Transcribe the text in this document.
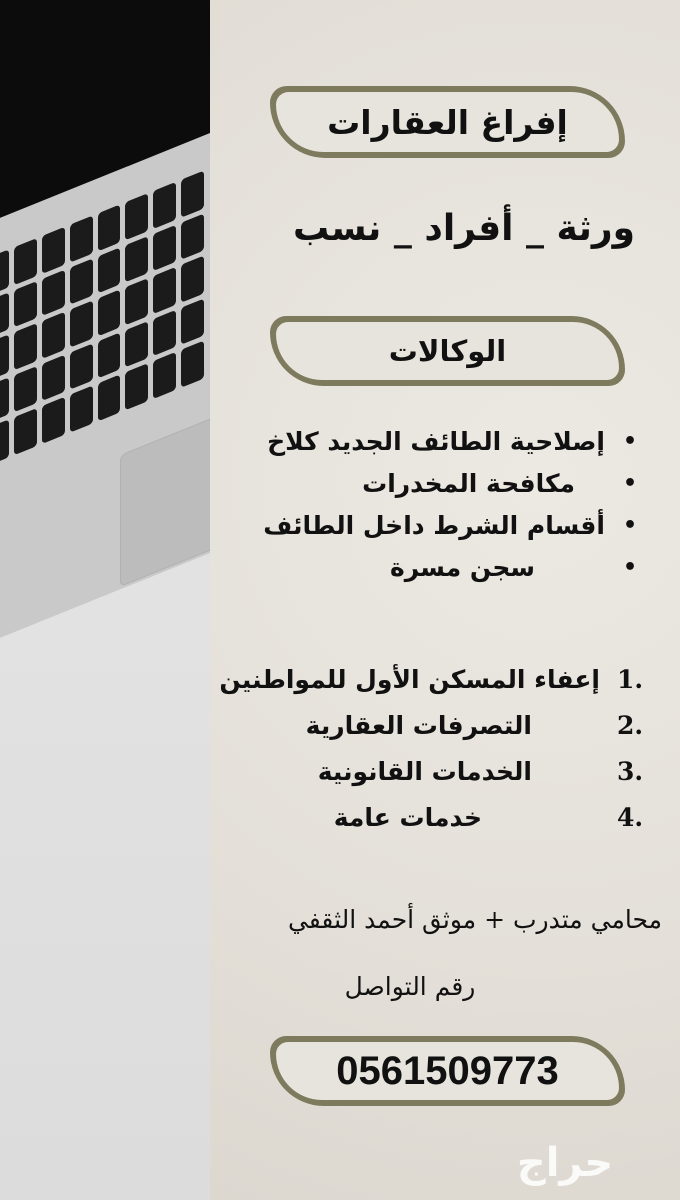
إفراغ العقارات
ورثة _ أفراد _ نسب
الوكالات
•
إصلاحية الطائف الجديد كلاخ
•
مكافحة المخدرات
•
أقسام الشرط داخل الطائف
•
سجن مسرة
1.
إعفاء المسكن الأول للمواطنين
2.
التصرفات العقارية
3.
الخدمات القانونية
4.
خدمات عامة
محامي متدرب + موثق أحمد الثقفي
رقم التواصل
0561509773
حراج
